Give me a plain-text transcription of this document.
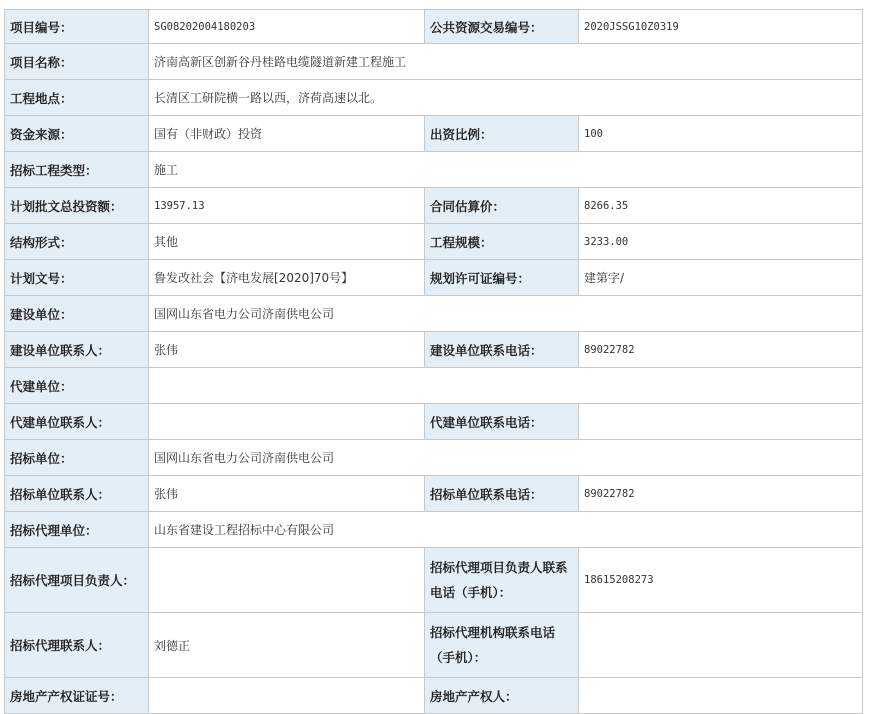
项目编号：	SG08202004180203	公共资源交易编号：	2020JSSG10Z0319
项目名称：	济南高新区创新谷丹桂路电缆隧道新建工程施工		
工程地点：	长清区工研院横一路以西，济荷高速以北。		
资金来源：	国有（非财政）投资	出资比例：	100
招标工程类型：	施工		
计划批文总投资额：	13957.13	合同估算价：	8266.35
结构形式：	其他	工程规模：	3233.00
计划文号：	鲁发改社会【济电发展[2020]70号】	规划许可证编号：	建第字/
建设单位：	国网山东省电力公司济南供电公司		
建设单位联系人：	张伟	建设单位联系电话：	89022782
代建单位：			
代建单位联系人：		代建单位联系电话：	
招标单位：	国网山东省电力公司济南供电公司		
招标单位联系人：	张伟	招标单位联系电话：	89022782
招标代理单位：	山东省建设工程招标中心有限公司		
招标代理项目负责人：		招标代理项目负责人联系电话（手机）：	18615208273
招标代理联系人：	刘德正	招标代理机构联系电话（手机）：	
房地产产权证证号：		房地产产权人：	
